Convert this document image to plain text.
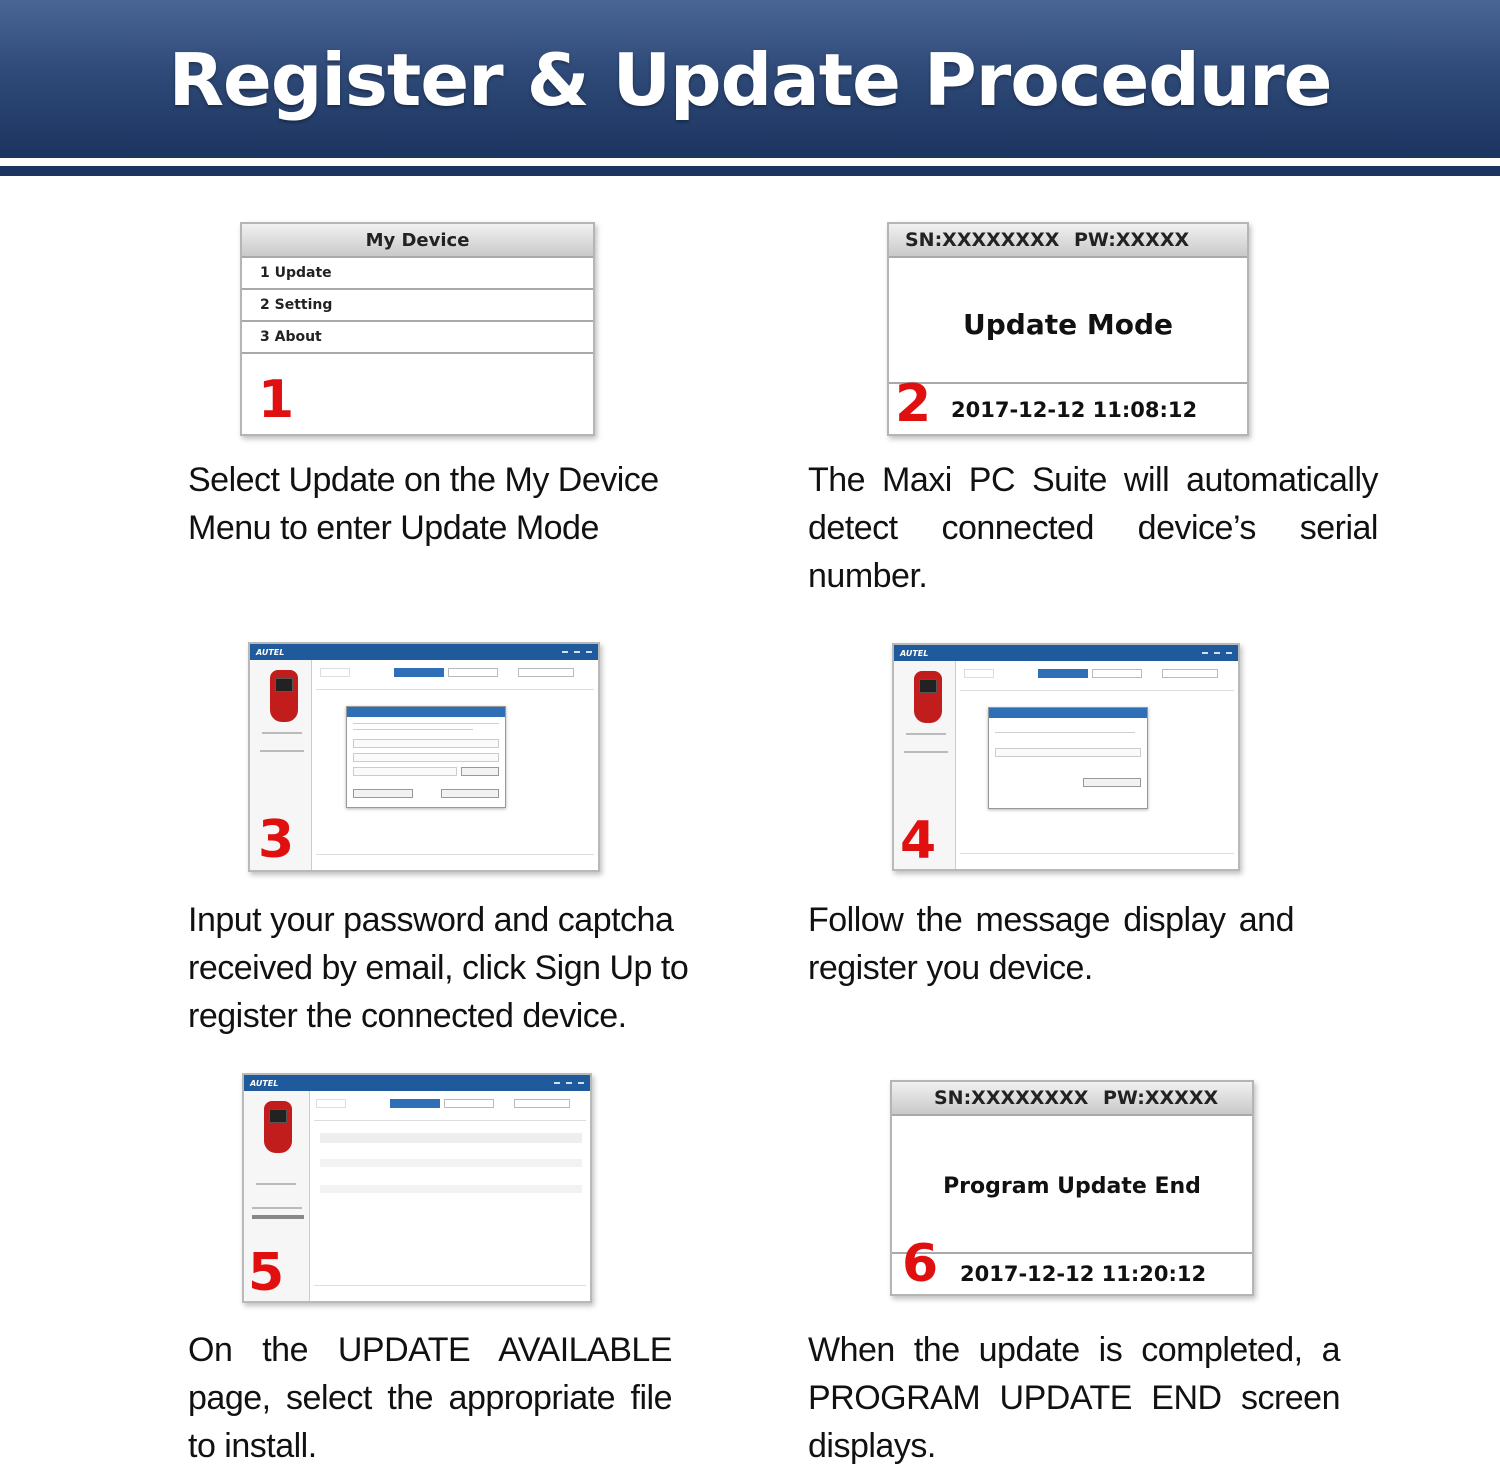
Register & Update Procedure
My Device
1 Update
2 Setting
3 About
1
Select Update on the My Device Menu to enter Update Mode
SN:XXXXXXXX PW:XXXXX
Update Mode
2 2017-12-12 11:08:12
The Maxi PC Suite will automatically detect connected device’s serial number.
AUTEL
3
Input your password and captcha received by email, click Sign Up to register the connected device.
AUTEL
4
Follow the message display and register you device.
AUTEL
5
On the UPDATE AVAILABLE page, select the appropriate file to install.
SN:XXXXXXXX PW:XXXXX
Program Update End
6 2017-12-12 11:20:12
When the update is completed, a PROGRAM UPDATE END screen displays.
